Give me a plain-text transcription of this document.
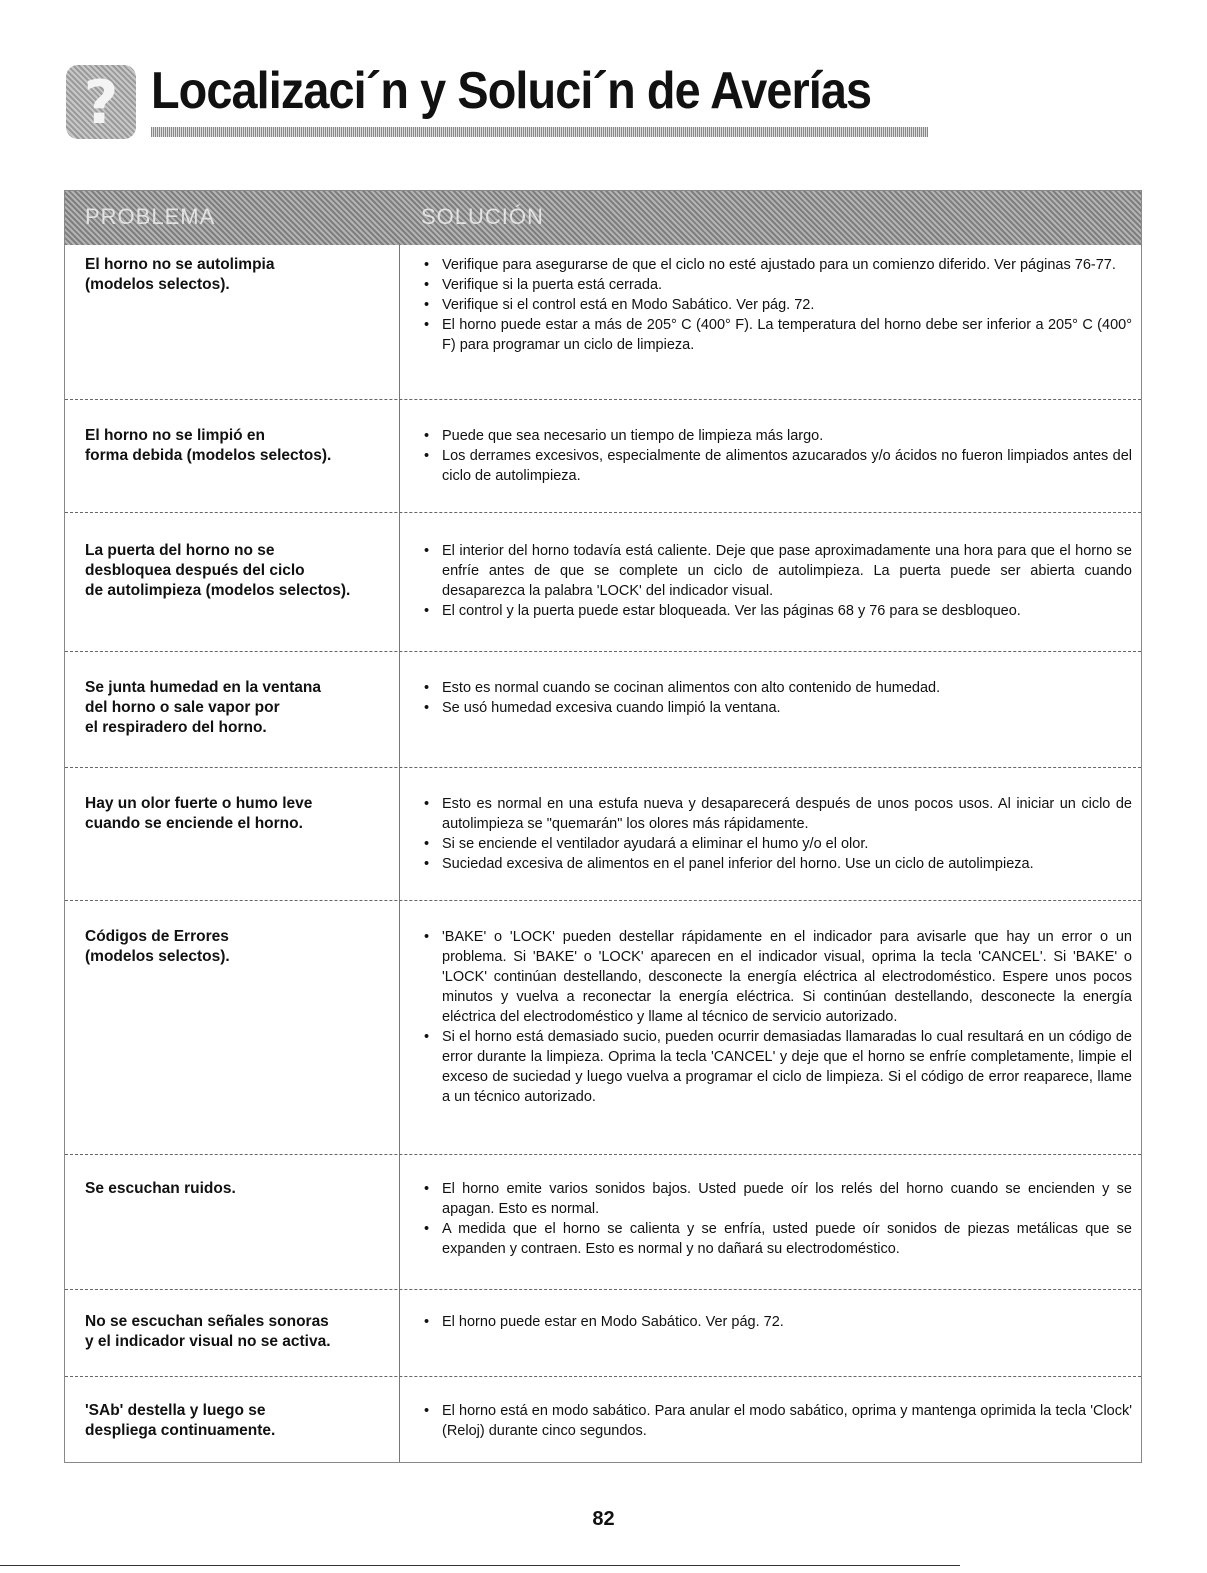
? Localizaci´n y Soluci´n de Averías
PROBLEMA	SOLUCIÓN
El horno no se autolimpia
(modelos selectos).
• Verifique para asegurarse de que el ciclo no esté ajustado para un comienzo diferido. Ver páginas 76-77.
• Verifique si la puerta está cerrada.
• Verifique si el control está en Modo Sabático. Ver pág. 72.
• El horno puede estar a más de 205° C (400° F). La temperatura del horno debe ser inferior a 205° C (400° F) para programar un ciclo de limpieza.
El horno no se limpió en
forma debida (modelos selectos).
• Puede que sea necesario un tiempo de limpieza más largo.
• Los derrames excesivos, especialmente de alimentos azucarados y/o ácidos no fueron limpiados antes del ciclo de autolimpieza.
La puerta del horno no se
desbloquea después del ciclo
de autolimpieza (modelos selectos).
• El interior del horno todavía está caliente. Deje que pase aproximadamente una hora para que el horno se enfríe antes de que se complete un ciclo de autolimpieza. La puerta puede ser abierta cuando desaparezca la palabra 'LOCK' del indicador visual.
• El control y la puerta puede estar bloqueada. Ver las páginas 68 y 76 para se desbloqueo.
Se junta humedad en la ventana
del horno o sale vapor por
el respiradero del horno.
• Esto es normal cuando se cocinan alimentos con alto contenido de humedad.
• Se usó humedad excesiva cuando limpió la ventana.
Hay un olor fuerte o humo leve
cuando se enciende el horno.
• Esto es normal en una estufa nueva y desaparecerá después de unos pocos usos. Al iniciar un ciclo de autolimpieza se "quemarán" los olores más rápidamente.
• Si se enciende el ventilador ayudará a eliminar el humo y/o el olor.
• Suciedad excesiva de alimentos en el panel inferior del horno. Use un ciclo de autolimpieza.
Códigos de Errores
(modelos selectos).
• 'BAKE' o 'LOCK' pueden destellar rápidamente en el indicador para avisarle que hay un error o un problema. Si 'BAKE' o 'LOCK' aparecen en el indicador visual, oprima la tecla 'CANCEL'. Si 'BAKE' o 'LOCK' continúan destellando, desconecte la energía eléctrica al electrodoméstico. Espere unos pocos minutos y vuelva a reconectar la energía eléctrica. Si continúan destellando, desconecte la energía eléctrica del electrodoméstico y llame al técnico de servicio autorizado.
• Si el horno está demasiado sucio, pueden ocurrir demasiadas llamaradas lo cual resultará en un código de error durante la limpieza. Oprima la tecla 'CANCEL' y deje que el horno se enfríe completamente, limpie el exceso de suciedad y luego vuelva a programar el ciclo de limpieza. Si el código de error reaparece, llame a un técnico autorizado.
Se escuchan ruidos.
•	El horno emite varios sonidos bajos. Usted puede oír los relés del horno cuando se encienden y se apagan. Esto es normal.
• A medida que el horno se calienta y se enfría, usted puede oír sonidos de piezas metálicas que se expanden y contraen. Esto es normal y no dañará su electrodoméstico.
No se escuchan señales sonoras
y el indicador visual no se activa.
• El horno puede estar en Modo Sabático. Ver pág. 72.
'SAb' destella y luego se
despliega continuamente.
• El horno está en modo sabático. Para anular el modo sabático, oprima y mantenga oprimida la tecla 'Clock' (Reloj) durante cinco segundos.
82
